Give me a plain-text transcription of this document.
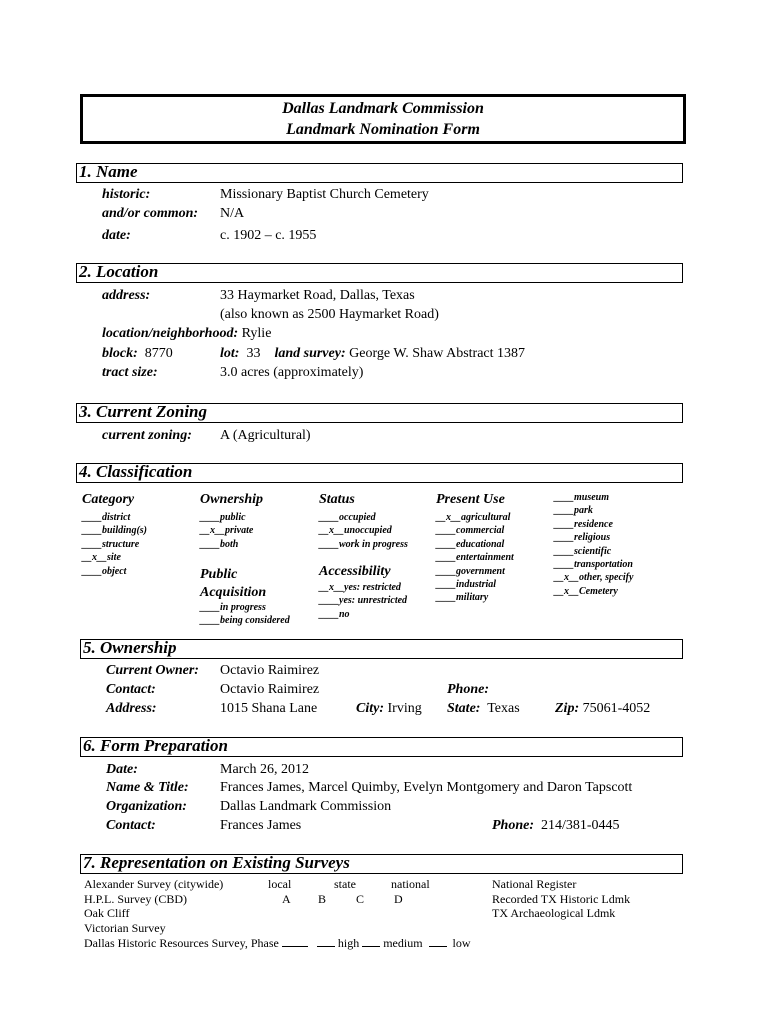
Dallas Landmark Commission
Landmark Nomination Form
1. Name
historic:	Missionary Baptist Church Cemetery
and/or common: N/A
date:	c. 1902 – c. 1955
2. Location
address:	33 Haymarket Road, Dallas, Texas
(also known as 2500 Haymarket Road)
location/neighborhood: Rylie
block: 8770	lot: 33 land survey: George W. Shaw Abstract 1387
tract size:	3.0 acres (approximately)
3. Current Zoning
current zoning: A (Agricultural)
4. Classification
Category
____district
____building(s)
____structure
__x__site
____object
Ownership
____public
__x__private
____both
Public
Acquisition
____in progress
____being considered
Status
____occupied
__x__unoccupied
____work in progress
Accessibility
__x__yes: restricted
____yes: unrestricted
____no
Present Use
__x__agricultural
____commercial
____educational
____entertainment
____government
____industrial
____military
____museum
____park
____residence
____religious
____scientific
____transportation
__x__other, specify
__x__Cemetery
5. Ownership
Current Owner: Octavio Raimirez
Contact:	Octavio Raimirez	Phone:
Address:	1015 Shana Lane	City: Irving State: Texas	Zip: 75061-4052
6. Form Preparation
Date:	March 26, 2012
Name & Title: Frances James, Marcel Quimby, Evelyn Montgomery and Daron Tapscott
Organization: Dallas Landmark Commission
Contact:	Frances James	Phone: 214/381-0445
7. Representation on Existing Surveys
Alexander Survey (citywide)	local	state	national	National Register
H.P.L. Survey (CBD)	A B C D	Recorded TX Historic Ldmk
Oak Cliff	TX Archaeological Ldmk
Victorian Survey
Dallas Historic Resources Survey, Phase	high medium	low
